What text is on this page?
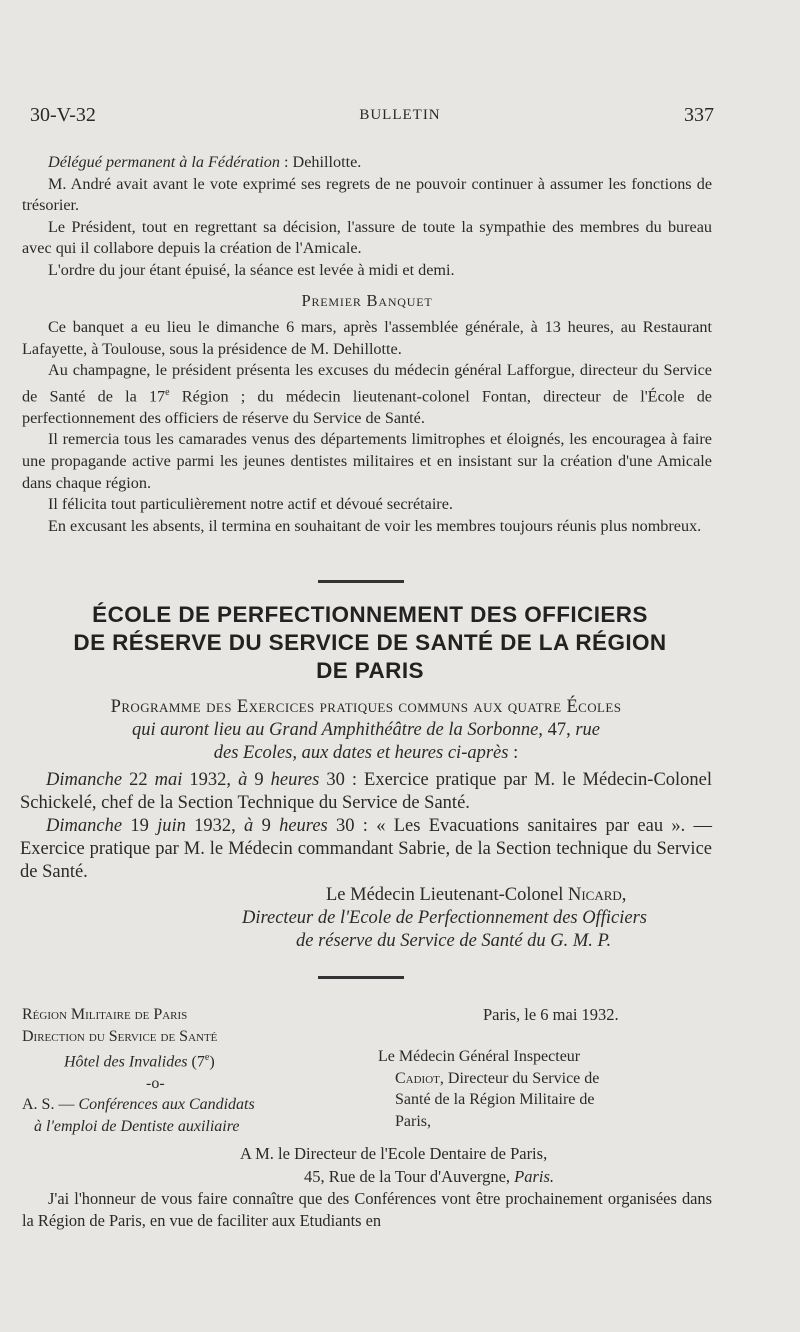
30-V-32	BULLETIN	337

Délégué permanent à la Fédération : Dehillotte.

M. André avait avant le vote exprimé ses regrets de ne pouvoir continuer à assumer les fonctions de trésorier.

Le Président, tout en regrettant sa décision, l'assure de toute la sympathie des membres du bureau avec qui il collabore depuis la création de l'Amicale.

L'ordre du jour étant épuisé, la séance est levée à midi et demi.

Premier Banquet

Ce banquet a eu lieu le dimanche 6 mars, après l'assemblée générale, à 13 heures, au Restaurant Lafayette, à Toulouse, sous la présidence de M. Dehillotte.

Au champagne, le président présenta les excuses du médecin général Lafforgue, directeur du Service de Santé de la 17e Région ; du médecin lieutenant-colonel Fontan, directeur de l'École de perfectionnement des officiers de réserve du Service de Santé.

Il remercia tous les camarades venus des départements limitrophes et éloignés, les encouragea à faire une propagande active parmi les jeunes dentistes militaires et en insistant sur la création d'une Amicale dans chaque région.

Il félicita tout particulièrement notre actif et dévoué secrétaire.

En excusant les absents, il termina en souhaitant de voir les membres toujours réunis plus nombreux.

ÉCOLE DE PERFECTIONNEMENT DES OFFICIERS
DE RÉSERVE DU SERVICE DE SANTÉ DE LA RÉGION
DE PARIS

Programme des Exercices pratiques communs aux quatre Écoles

qui auront lieu au Grand Amphithéâtre de la Sorbonne, 47, rue

des Ecoles, aux dates et heures ci-après :

Dimanche 22 mai 1932, à 9 heures 30 : Exercice pratique par M. le Médecin-Colonel Schickelé, chef de la Section Technique du Service de Santé.

Dimanche 19 juin 1932, à 9 heures 30 : « Les Evacuations sanitaires par eau ». — Exercice pratique par M. le Médecin commandant Sabrie, de la Section technique du Service de Santé.

Le Médecin Lieutenant-Colonel Nicard,

Directeur de l'Ecole de Perfectionnement des Officiers

de réserve du Service de Santé du G. M. P.

Région Militaire de Paris
Direction du Service de Santé
Hôtel des Invalides (7e)
-o-
A. S. — Conférences aux Candidats
à l'emploi de Dentiste auxiliaire
Paris, le 6 mai 1932.
Le Médecin Général Inspecteur
Cadiot, Directeur du Service de
Santé de la Région Militaire de
Paris,
A M. le Directeur de l'Ecole Dentaire de Paris,
45, Rue de la Tour d'Auvergne, Paris.

J'ai l'honneur de vous faire connaître que des Conférences vont être prochainement organisées dans la Région de Paris, en vue de faciliter aux Etudiants en
